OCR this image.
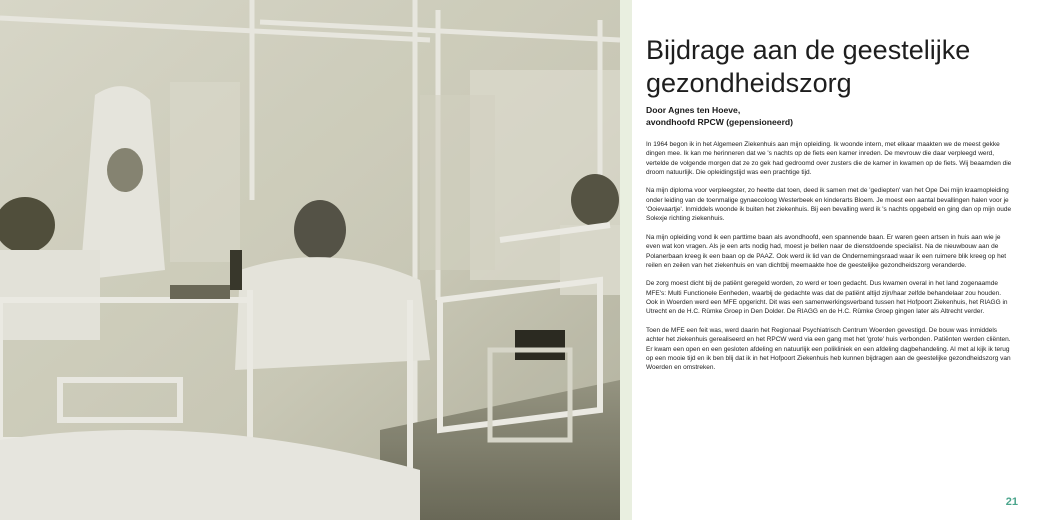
Bijdrage aan de geestelijke
gezondheidszorg
Door Agnes ten Hoeve,
avondhoofd RPCW (gepensioneerd)

In 1964 begon ik in het Algemeen Ziekenhuis aan mijn opleiding. Ik woonde intern, met elkaar maakten we de meest gekke dingen mee. Ik kan me herinneren dat we 's nachts op de fiets een kamer inreden. De mevrouw die daar verpleegd werd, vertelde de volgende morgen dat ze zo gek had gedroomd over zusters die de kamer in kwamen op de fiets. Wij beaamden die droom natuurlijk. Die opleidingstijd was een prachtige tijd.

Na mijn diploma voor verpleegster, zo heette dat toen, deed ik samen met de 'gediepten' van het Ope Dei mijn kraamopleiding onder leiding van de toenmalige gynaecoloog Westerbeek en kinderarts Bloem. Je moest een aantal bevallingen halen voor je 'Ooievaartje'. Inmiddels woonde ik buiten het ziekenhuis. Bij een bevalling werd ik 's nachts opgebeld en ging dan op mijn oude Solexje richting ziekenhuis.

Na mijn opleiding vond ik een parttime baan als avondhoofd, een spannende baan. Er waren geen artsen in huis aan wie je even wat kon vragen. Als je een arts nodig had, moest je bellen naar de dienstdoende specialist. Na de nieuwbouw aan de Polanerbaan kreeg ik een baan op de PAAZ. Ook werd ik lid van de Ondernemingsraad waar ik een ruimere blik kreeg op het reilen en zeilen van het ziekenhuis en van dichtbij meemaakte hoe de geestelijke gezondheidszorg veranderde.

De zorg moest dicht bij de patiënt geregeld worden, zo werd er toen gedacht. Dus kwamen overal in het land zogenaamde MFE's: Multi Functionele Eenheden, waarbij de gedachte was dat de patiënt altijd zijn/haar zelfde behandelaar zou houden. Ook in Woerden werd een MFE opgericht. Dit was een samenwerkingsverband tussen het Hofpoort Ziekenhuis, het RIAGG in Utrecht en de H.C. Rümke Groep in Den Dolder. De RIAGG en de H.C. Rümke Groep gingen later als Altrecht verder.

Toen de MFE een feit was, werd daarin het Regionaal Psychiatrisch Centrum Woerden gevestigd. De bouw was inmiddels achter het ziekenhuis gerealiseerd en het RPCW werd via een gang met het 'grote' huis verbonden. Patiënten werden cliënten. Er kwam een open en een gesloten afdeling en natuurlijk een polikliniek en een afdeling dagbehandeling. Al met al kijk ik terug op een mooie tijd en ik ben blij dat ik in het Hofpoort Ziekenhuis heb kunnen bijdragen aan de geestelijke gezondheidszorg van Woerden en omstreken.

21
